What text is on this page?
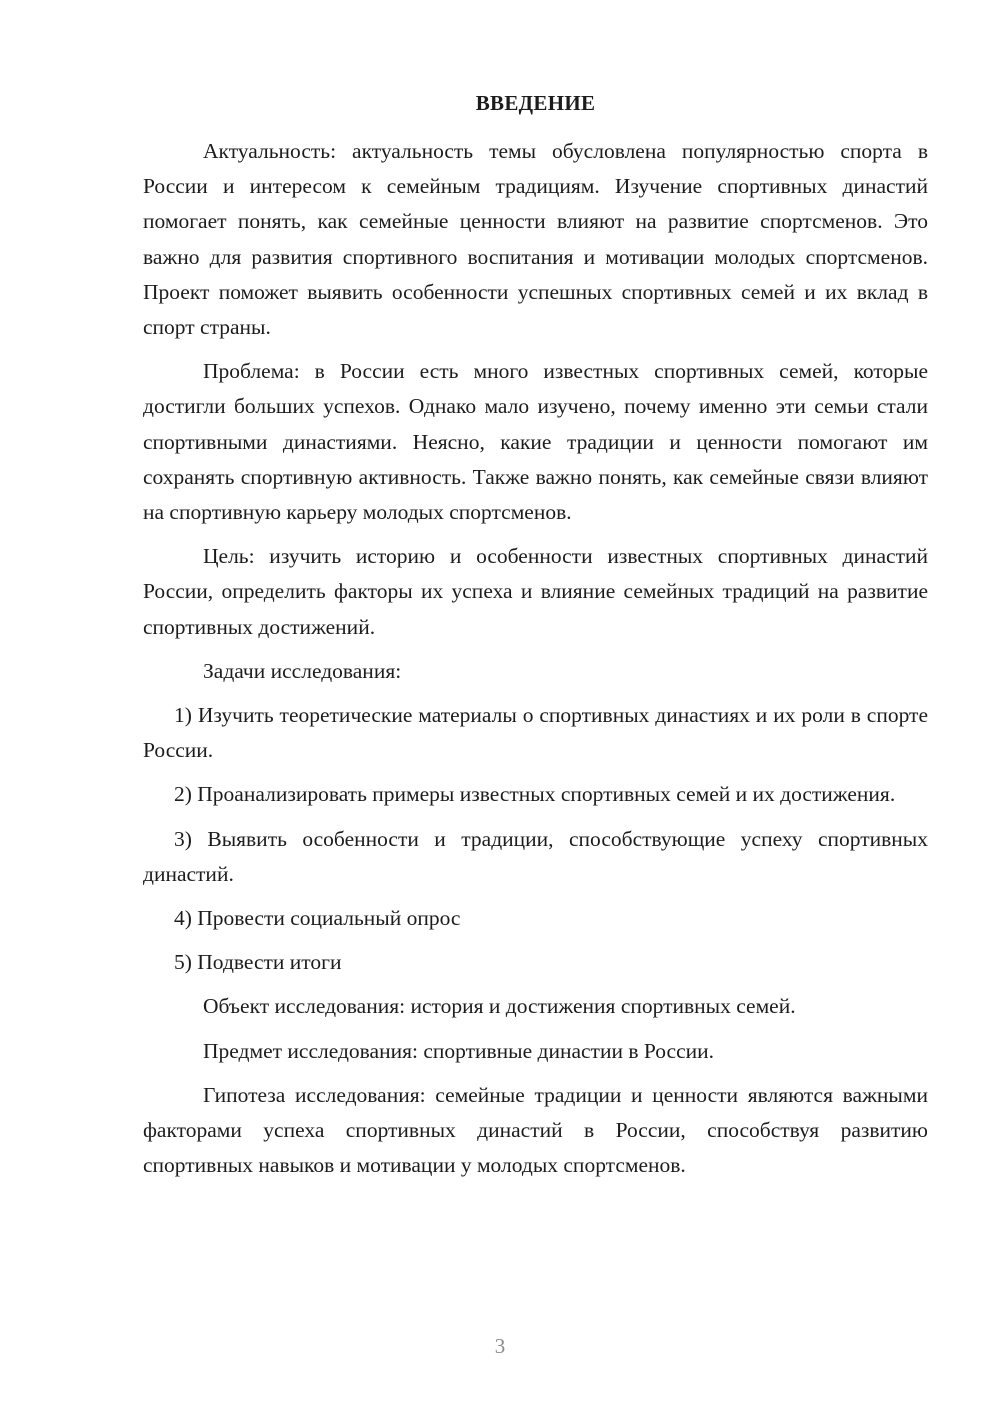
ВВЕДЕНИЕ

Актуальность: актуальность темы обусловлена популярностью спорта в России и интересом к семейным традициям. Изучение спортивных династий помогает понять, как семейные ценности влияют на развитие спортсменов. Это важно для развития спортивного воспитания и мотивации молодых спортсменов. Проект поможет выявить особенности успешных спортивных семей и их вклад в спорт страны.

Проблема: в России есть много известных спортивных семей, которые достигли больших успехов. Однако мало изучено, почему именно эти семьи стали спортивными династиями. Неясно, какие традиции и ценности помогают им сохранять спортивную активность. Также важно понять, как семейные связи влияют на спортивную карьеру молодых спортсменов.

Цель: изучить историю и особенности известных спортивных династий России, определить факторы их успеха и влияние семейных традиций на развитие спортивных достижений.

Задачи исследования:

1) Изучить теоретические материалы о спортивных династиях и их роли в спорте России.

2) Проанализировать примеры известных спортивных семей и их достижения.

3) Выявить особенности и традиции, способствующие успеху спортивных династий.

4) Провести социальный опрос

5) Подвести итоги

Объект исследования: история и достижения спортивных семей.

Предмет исследования: спортивные династии в России.

Гипотеза исследования: семейные традиции и ценности являются важными факторами успеха спортивных династий в России, способствуя развитию спортивных навыков и мотивации у молодых спортсменов.

3
